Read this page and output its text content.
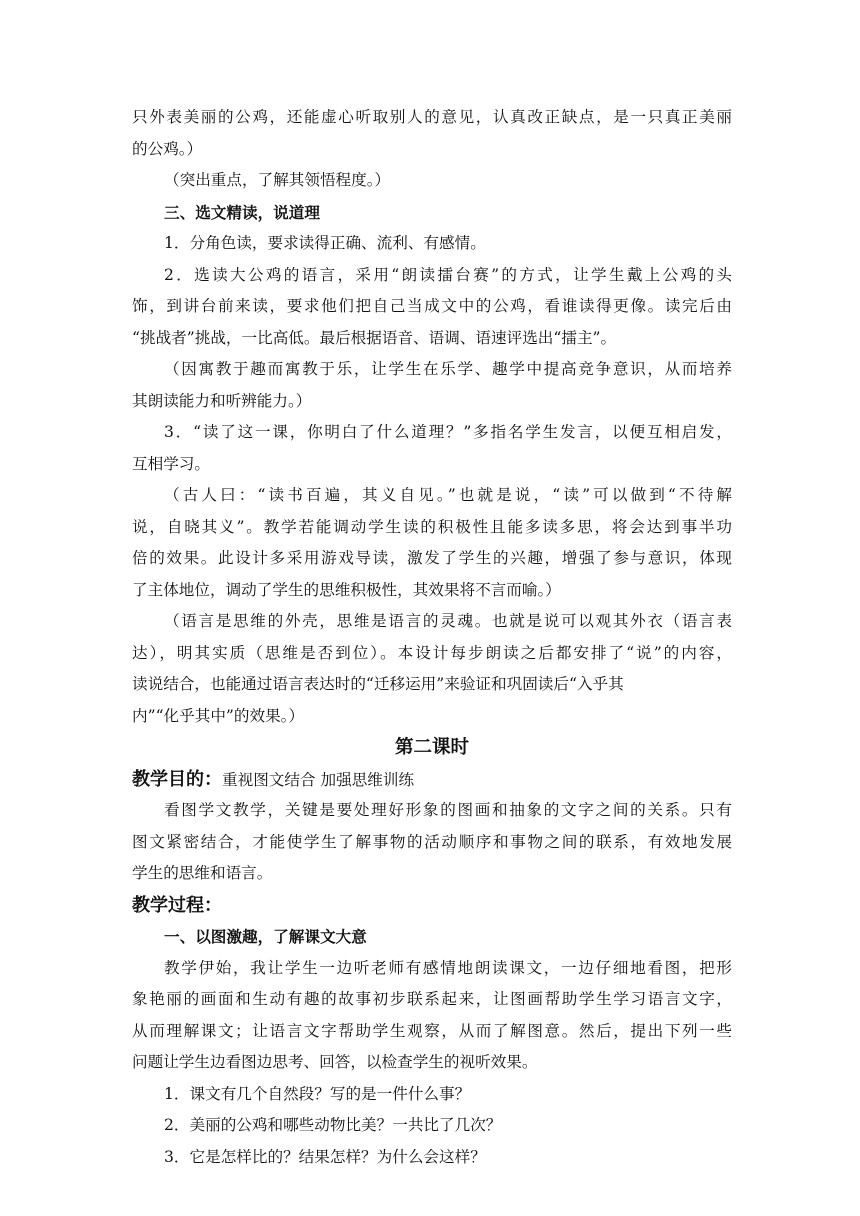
只外表美丽的公鸡，还能虚心听取别人的意见，认真改正缺点，是一只真正美丽
的公鸡。）
（突出重点，了解其领悟程度。）
三、选文精读，说道理
1．分角色读，要求读得正确、流利、有感情。
2．选读大公鸡的语言，采用“朗读擂台赛”的方式，让学生戴上公鸡的头
饰，到讲台前来读，要求他们把自己当成文中的公鸡，看谁读得更像。读完后由
“挑战者”挑战，一比高低。最后根据语音、语调、语速评选出“擂主”。
（因寓教于趣而寓教于乐，让学生在乐学、趣学中提高竞争意识，从而培养
其朗读能力和听辨能力。）
3．“读了这一课，你明白了什么道理？”多指名学生发言，以便互相启发，
互相学习。
（古人曰：“读书百遍，其义自见。”也就是说，“读”可以做到“不待解
说，自晓其义”。教学若能调动学生读的积极性且能多读多思，将会达到事半功
倍的效果。此设计多采用游戏导读，激发了学生的兴趣，增强了参与意识，体现
了主体地位，调动了学生的思维积极性，其效果将不言而喻。）
（语言是思维的外壳，思维是语言的灵魂。也就是说可以观其外衣（语言表
达），明其实质（思维是否到位）。本设计每步朗读之后都安排了“说”的内容，
读说结合，也能通过语言表达时的“迁移运用”来验证和巩固读后“入乎其
内”“化乎其中”的效果。）
第二课时
教学目的：重视图文结合 加强思维训练
看图学文教学，关键是要处理好形象的图画和抽象的文字之间的关系。只有
图文紧密结合，才能使学生了解事物的活动顺序和事物之间的联系，有效地发展
学生的思维和语言。
教学过程：
一、以图激趣，了解课文大意
教学伊始，我让学生一边听老师有感情地朗读课文，一边仔细地看图，把形
象艳丽的画面和生动有趣的故事初步联系起来，让图画帮助学生学习语言文字，
从而理解课文；让语言文字帮助学生观察，从而了解图意。然后，提出下列一些
问题让学生边看图边思考、回答，以检查学生的视听效果。
1．课文有几个自然段？写的是一件什么事？
2．美丽的公鸡和哪些动物比美？一共比了几次？
3．它是怎样比的？结果怎样？为什么会这样？
